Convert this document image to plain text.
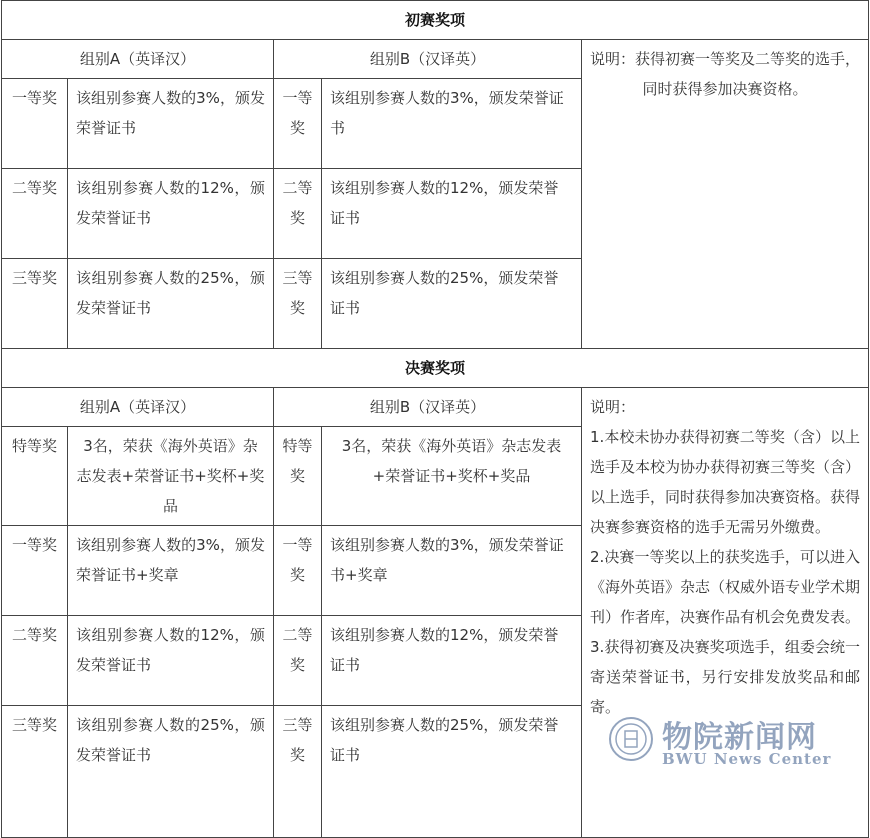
初赛奖项				
组别A（英译汉）		组别B（汉译英）		说明：获得初赛一等奖及二等奖的选手，同时获得参加决赛资格。
一等奖	该组别参赛人数的3%，颁发荣誉证书	一等奖	该组别参赛人数的3%，颁发荣誉证书	
二等奖	该组别参赛人数的12%，颁发荣誉证书	二等奖	该组别参赛人数的12%，颁发荣誉证书	
三等奖	该组别参赛人数的25%，颁发荣誉证书	三等奖	该组别参赛人数的25%，颁发荣誉证书	
决赛奖项				
组别A（英译汉）		组别B（汉译英）		说明：

1.本校未协办获得初赛二等奖（含）以上选手及本校为协办获得初赛三等奖（含）以上选手，同时获得参加决赛资格。获得决赛参赛资格的选手无需另外缴费。

2.决赛一等奖以上的获奖选手，可以进入《海外英语》杂志（权威外语专业学术期刊）作者库，决赛作品有机会免费发表。

3.获得初赛及决赛奖项选手，组委会统一寄送荣誉证书，另行安排发放奖品和邮寄。

特等奖	3名，荣获《海外英语》杂志发表+荣誉证书+奖杯+奖品	特等奖	3名，荣获《海外英语》杂志发表+荣誉证书+奖杯+奖品	
一等奖	该组别参赛人数的3%，颁发荣誉证书+奖章	一等奖	该组别参赛人数的3%，颁发荣誉证书+奖章	
二等奖	该组别参赛人数的12%，颁发荣誉证书	二等奖	该组别参赛人数的12%，颁发荣誉证书	
三等奖	该组别参赛人数的25%，颁发荣誉证书	三等奖	该组别参赛人数的25%，颁发荣誉证书		物院新闻网
BWU News Center
